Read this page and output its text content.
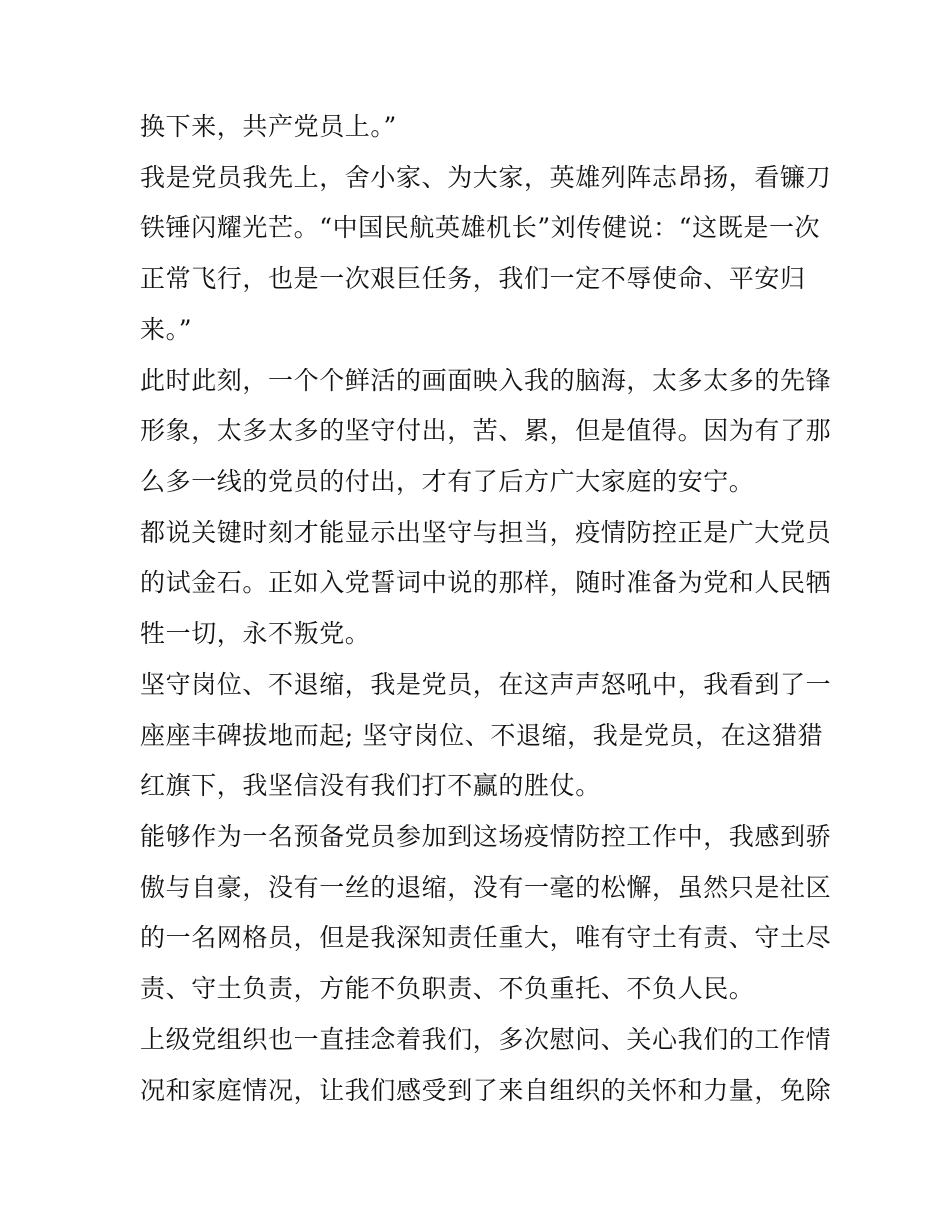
换下来，共产党员上。”
我是党员我先上，舍小家、为大家，英雄列阵志昂扬，看镰刀
铁锤闪耀光芒。“中国民航英雄机长”刘传健说：“这既是一次
正常飞行，也是一次艰巨任务，我们一定不辱使命、平安归
来。”
此时此刻，一个个鲜活的画面映入我的脑海，太多太多的先锋
形象，太多太多的坚守付出，苦、累，但是值得。因为有了那
么多一线的党员的付出，才有了后方广大家庭的安宁。
都说关键时刻才能显示出坚守与担当，疫情防控正是广大党员
的试金石。正如入党誓词中说的那样，随时准备为党和人民牺
牲一切，永不叛党。
坚守岗位、不退缩，我是党员，在这声声怒吼中，我看到了一
座座丰碑拔地而起; 坚守岗位、不退缩，我是党员，在这猎猎
红旗下，我坚信没有我们打不赢的胜仗。
能够作为一名预备党员参加到这场疫情防控工作中，我感到骄
傲与自豪，没有一丝的退缩，没有一毫的松懈，虽然只是社区
的一名网格员，但是我深知责任重大，唯有守土有责、守土尽
责、守土负责，方能不负职责、不负重托、不负人民。
上级党组织也一直挂念着我们，多次慰问、关心我们的工作情
况和家庭情况，让我们感受到了来自组织的关怀和力量，免除
